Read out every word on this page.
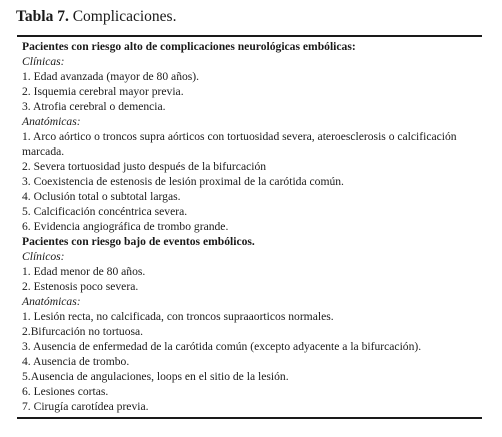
Tabla 7. Complicaciones.
Pacientes con riesgo alto de complicaciones neurológicas embólicas:
Clínicas:
1. Edad avanzada (mayor de 80 años).
2. Isquemia cerebral mayor previa.
3. Atrofia cerebral o demencia.
Anatómicas:
1. Arco aórtico o troncos supra aórticos con tortuosidad severa, ateroesclerosis o calcificación marcada.
2. Severa tortuosidad justo después de la bifurcación
3. Coexistencia de estenosis de lesión proximal de la carótida común.
4. Oclusión total o subtotal largas.
5. Calcificación concéntrica severa.
6. Evidencia angiográfica de trombo grande.
Pacientes con riesgo bajo de eventos embólicos.
Clínicos:
1. Edad menor de 80 años.
2. Estenosis poco severa.
Anatómicas:
1. Lesión recta, no calcificada, con troncos supraaorticos normales.
2.Bifurcación no tortuosa.
3. Ausencia de enfermedad de la carótida común (excepto adyacente a la bifurcación).
4. Ausencia de trombo.
5.Ausencia de angulaciones, loops en el sitio de la lesión.
6. Lesiones cortas.
7. Cirugía carotídea previa.
